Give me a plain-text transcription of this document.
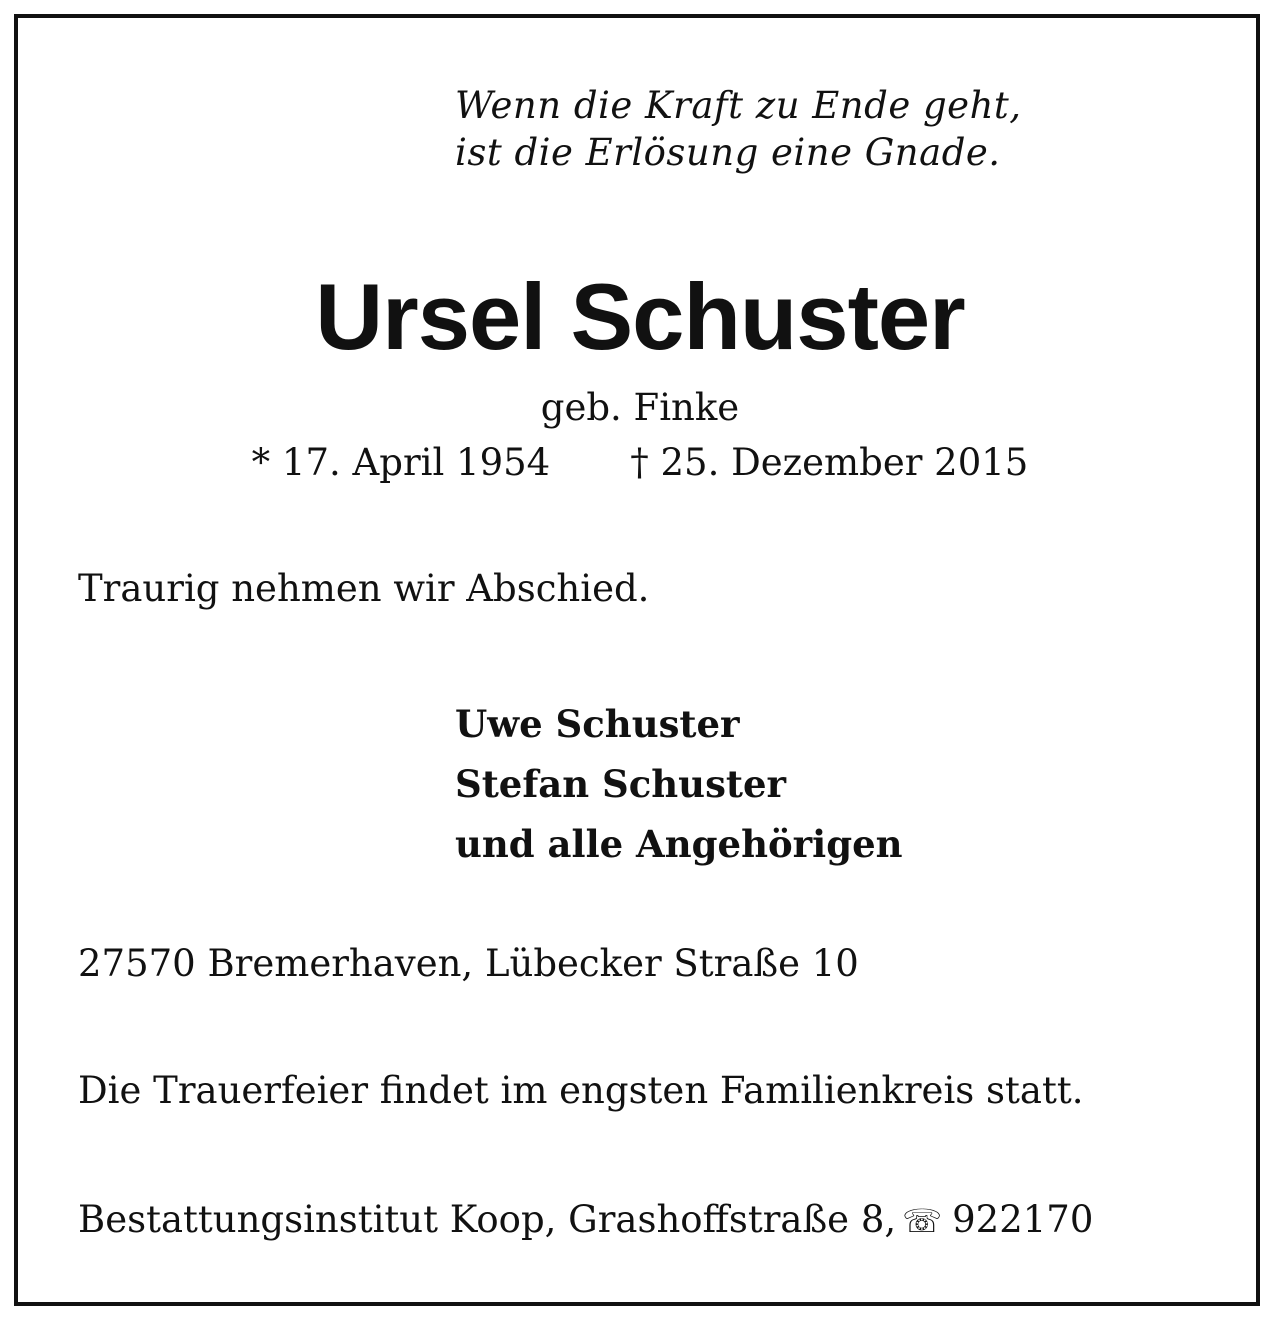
Wenn die Kraft zu Ende geht,
ist die Erlösung eine Gnade.
Ursel Schuster
geb. Finke
* 17. April 1954 † 25. Dezember 2015
Traurig nehmen wir Abschied.
Uwe Schuster
Stefan Schuster
und alle Angehörigen
27570 Bremerhaven, Lübecker Straße 10
Die Trauerfeier findet im engsten Familienkreis statt.
Bestattungsinstitut Koop, Grashoffstraße 8, ☏ 922170
